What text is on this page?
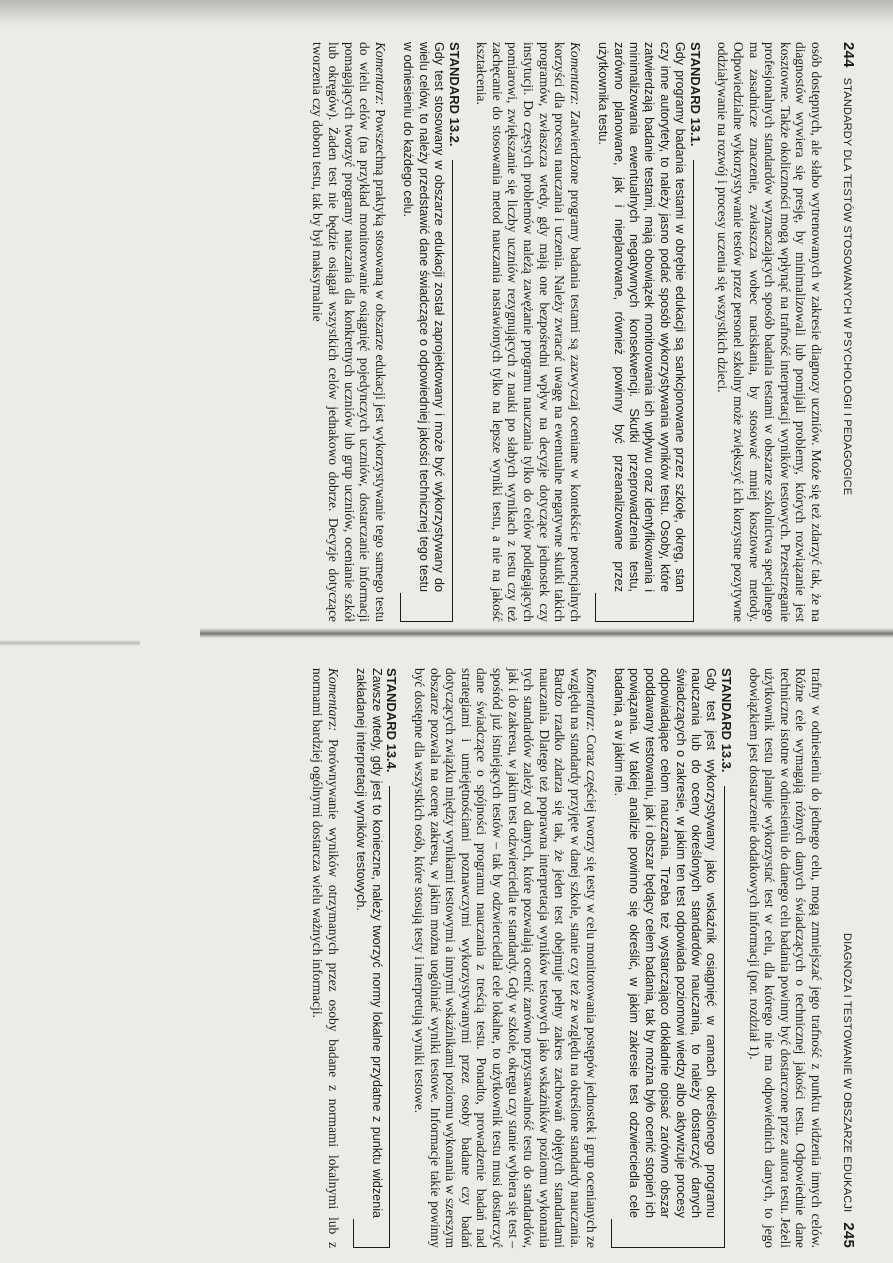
244
STANDARDY DLA TESTÓW STOSOWANYCH W PSYCHOLOGII I PEDAGOGICE

osób dostępnych, ale słabo wytrenowanych w zakresie diagnozy uczniów. Może się też zdarzyć tak, że na diagnostów wywiera się presję, by minimalizowali lub pomijali problemy, których rozwiązanie jest kosztowne. Także okoliczności mogą wpłynąć na trafność interpretacji wyników testowych. Przestrzeganie profesjonalnych standardów wyznaczających sposób badania testami w obszarze szkolnictwa specjalnego ma zasadnicze znaczenie, zwłaszcza wobec naciskania, by stosować mniej kosztowne metody. Odpowiedzialne wykorzystywanie testów przez personel szkolny może zwiększyć ich korzystne pozytywne oddziaływanie na rozwój i procesy uczenia się wszystkich dzieci.

STANDARD 13.1.
Gdy programy badania testami w obrębie edukacji są sankcjonowane przez szkołę, okręg, stan czy inne autorytety, to należy jasno podać sposób wykorzystywania wyników testu. Osoby, które zatwierdzają badanie testami, mają obowiązek monitorowania ich wpływu oraz identyfikowania i minimalizowania ewentualnych negatywnych konsekwencji. Skutki przeprowadzenia testu, zarówno planowane, jak i nieplanowane, również powinny być przeanalizowane przez użytkownika testu.

Komentarz: Zatwierdzone programy badania testami są zazwyczaj oceniane w kontekście potencjalnych korzyści dla procesu nauczania i uczenia. Należy zwracać uwagę na ewentualne negatywne skutki takich programów, zwłaszcza wtedy, gdy mają one bezpośredni wpływ na decyzje dotyczące jednostek czy instytucji. Do częstych problemów należą zawężanie programu nauczania tylko do celów podlegających pomiarowi, zwiększanie się liczby uczniów rezygnujących z nauki po słabych wynikach z testu czy też zachęcanie do stosowania metod nauczania nastawionych tylko na lepsze wyniki testu, a nie na jakość kształcenia.

STANDARD 13.2.
Gdy test stosowany w obszarze edukacji został zaprojektowany i może być wykorzystywany do wielu celów, to należy przedstawić dane świadczące o odpowiedniej jakości technicznej tego testu w odniesieniu do każdego celu.

Komentarz: Powszechną praktyką stosowaną w obszarze edukacji jest wykorzystywanie tego samego testu do wielu celów (na przykład monitorowanie osiągnięć pojedynczych uczniów, dostarczanie informacji pomagających tworzyć programy nauczania dla konkretnych uczniów lub grup uczniów, ocenianie szkół lub okręgów). Żaden test nie będzie osiągał wszystkich celów jednakowo dobrze. Decyzje dotyczące tworzenia czy doboru testu, tak by był maksymalnie

DIAGNOZA I TESTOWANIE W OBSZARZE EDUKACJI
245

trafny w odniesieniu do jednego celu, mogą zmniejszać jego trafność z punktu widzenia innych celów. Różne cele wymagają różnych danych świadczących o technicznej jakości testu. Odpowiednie dane techniczne istotne w odniesieniu do danego celu badania powinny być dostarczone przez autora testu. Jeżeli użytkownik testu planuje wykorzystać test w celu, dla którego nie ma odpowiednich danych, to jego obowiązkiem jest dostarczenie dodatkowych informacji (por. rozdział 1).

STANDARD 13.3.
Gdy test jest wykorzystywany jako wskaźnik osiągnięć w ramach określonego programu nauczania lub do oceny określonych standardów nauczania, to należy dostarczyć danych świadczących o zakresie, w jakim ten test odpowiada poziomowi wiedzy albo aktywizuje procesy odpowiadające celom nauczania. Trzeba też wystarczająco dokładnie opisać zarówno obszar poddawany testowaniu, jak i obszar będący celem badania, tak by można było ocenić stopień ich powiązania. W takiej analizie powinno się określić, w jakim zakresie test odzwierciedla cele badania, a w jakim nie.

Komentarz: Coraz częściej tworzy się testy w celu monitorowania postępów jednostek i grup ocenianych ze względu na standardy przyjęte w danej szkole, stanie czy też ze względu na określone standardy nauczania. Bardzo rzadko zdarza się tak, że jeden test obejmuje pełny zakres zachowań objętych standardami nauczania. Dlatego też poprawna interpretacja wyników testowych jako wskaźników poziomu wykonania tych standardów zależy od danych, które pozwalają ocenić zarówno przystawalność testu do standardów, jak i do zakresu, w jakim test odzwierciedla te standardy. Gdy w szkole, okręgu czy stanie wybiera się test – spośród już istniejących testów – tak by odzwierciedlał cele lokalne, to użytkownik testu musi dostarczyć dane świadczące o spójności programu nauczania z treścią testu. Ponadto, prowadzenie badań nad strategiami i umiejętnościami poznawczymi wykorzystywanymi przez osoby badane czy badań dotyczących związku między wynikami testowymi a innymi wskaźnikami poziomu wykonania w szerszym obszarze pozwala na ocenę zakresu, w jakim można uogólniać wyniki testowe. Informacje takie powinny być dostępne dla wszystkich osób, które stosują testy i interpretują wyniki testowe.

STANDARD 13.4.
Zawsze wtedy, gdy jest to konieczne, należy tworzyć normy lokalne przydatne z punktu widzenia zakładanej interpretacji wyników testowych.

Komentarz: Porównywanie wyników otrzymanych przez osoby badane z normami lokalnymi lub z normami bardziej ogólnymi dostarcza wielu ważnych informacji.
